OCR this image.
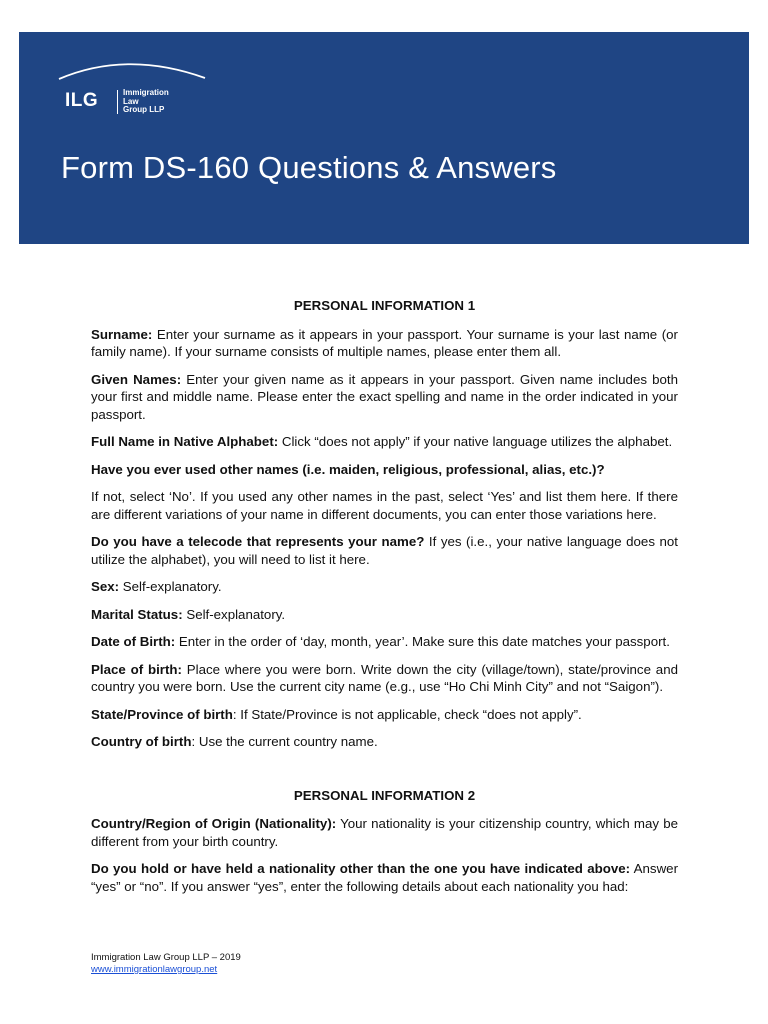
ILG	Immigration
Law
Group LLP
Form DS-160 Questions & Answers
PERSONAL INFORMATION 1

Surname: Enter your surname as it appears in your passport. Your surname is your last name (or family name). If your surname consists of multiple names, please enter them all.

Given Names: Enter your given name as it appears in your passport. Given name includes both your first and middle name. Please enter the exact spelling and name in the order indicated in your passport.

Full Name in Native Alphabet: Click “does not apply” if your native language utilizes the alphabet.

Have you ever used other names (i.e. maiden, religious, professional, alias, etc.)?

If not, select ‘No’. If you used any other names in the past, select ‘Yes’ and list them here. If there are different variations of your name in different documents, you can enter those variations here.

Do you have a telecode that represents your name? If yes (i.e., your native language does not utilize the alphabet), you will need to list it here.

Sex: Self-explanatory.

Marital Status: Self-explanatory.

Date of Birth: Enter in the order of ‘day, month, year’. Make sure this date matches your passport.

Place of birth: Place where you were born. Write down the city (village/town), state/province and country you were born. Use the current city name (e.g., use “Ho Chi Minh City” and not “Saigon”).

State/Province of birth: If State/Province is not applicable, check “does not apply”.

Country of birth: Use the current country name.

PERSONAL INFORMATION 2

Country/Region of Origin (Nationality): Your nationality is your citizenship country, which may be different from your birth country.

Do you hold or have held a nationality other than the one you have indicated above: Answer “yes” or “no”. If you answer “yes”, enter the following details about each nationality you had:

Immigration Law Group LLP – 2019
www.immigrationlawgroup.net
